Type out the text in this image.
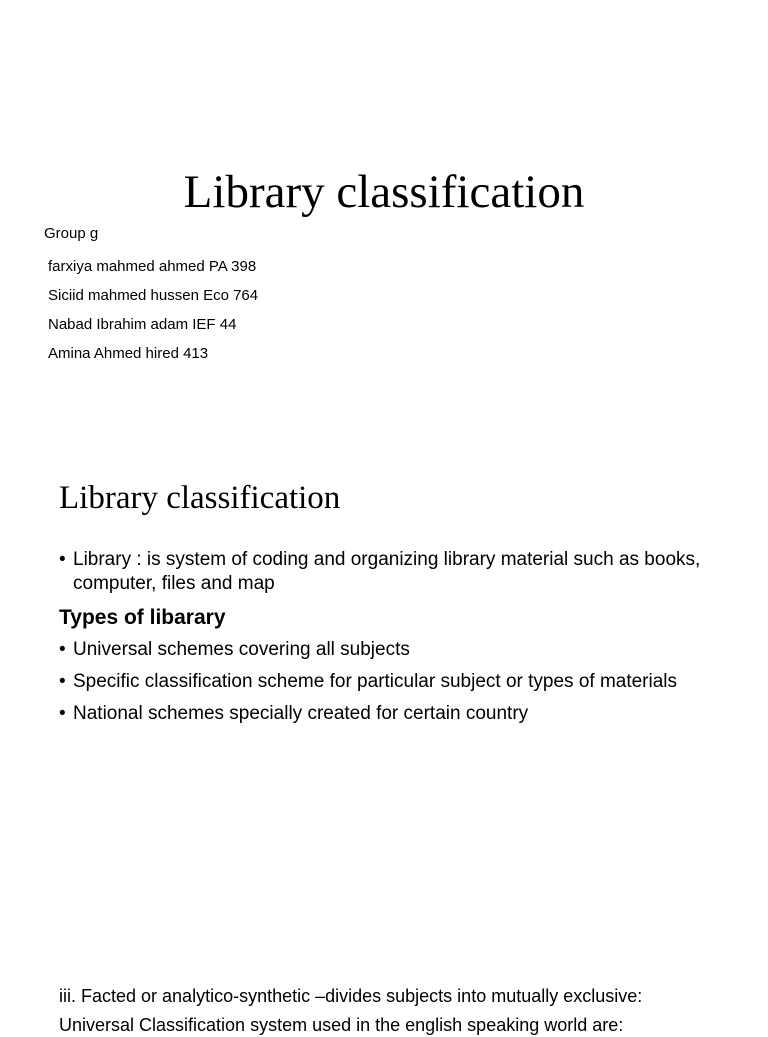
Library classification
Group g
farxiya mahmed ahmed PA 398
Siciid mahmed hussen Eco 764
Nabad Ibrahim adam IEF 44
Amina Ahmed hired 413
Library classification
• Library : is system of coding and organizing library material such as books, computer, files and map
Types of libarary
• Universal schemes covering all subjects
• Specific classification scheme for particular subject or types of materials
• National schemes specially created for certain country
iii. Facted or analytico-synthetic –divides subjects into mutually exclusive:
Universal Classification system used in the english speaking world are:
